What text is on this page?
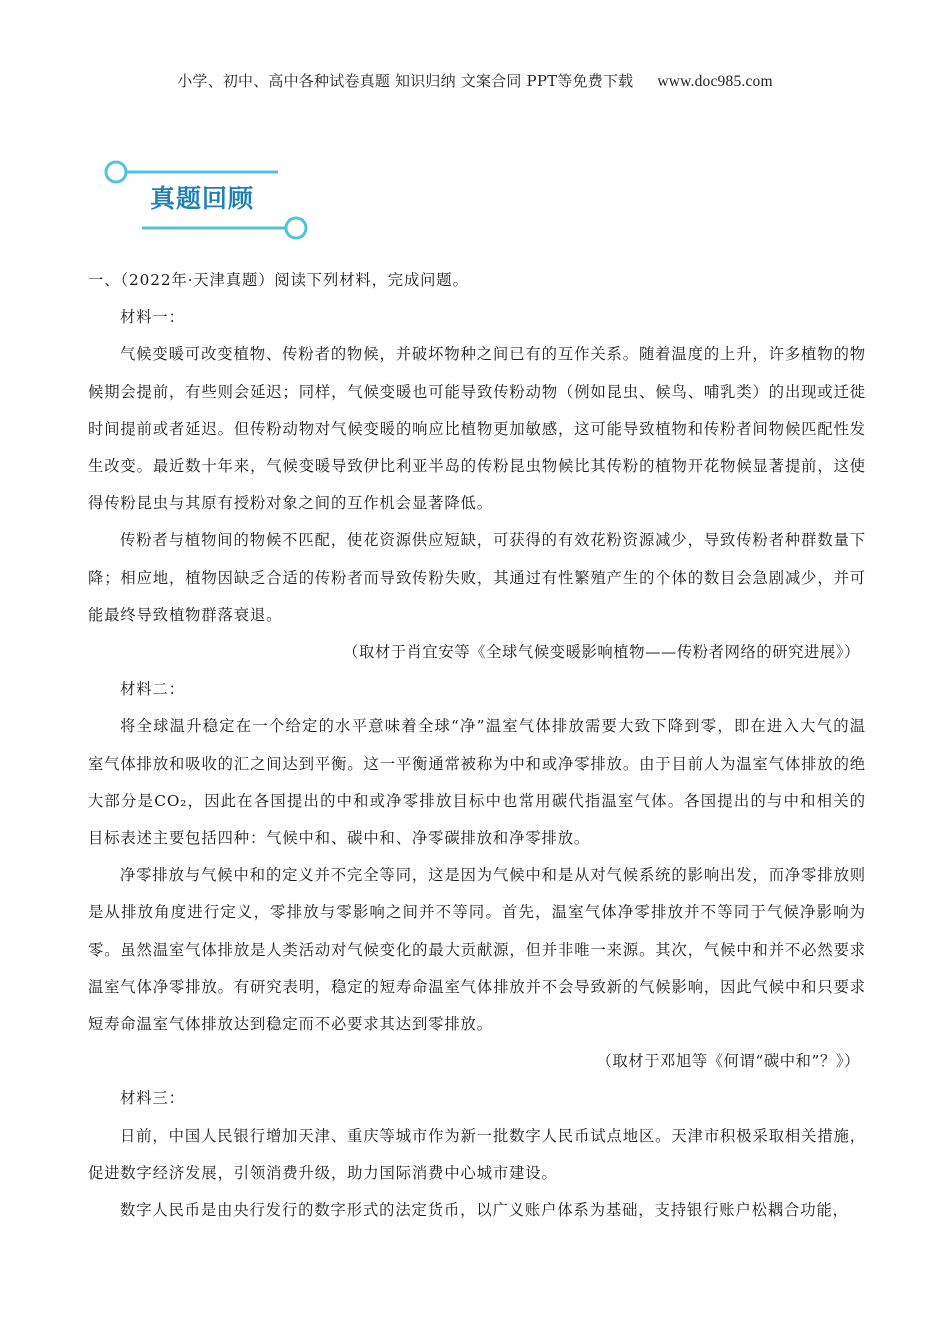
小学、初中、高中各种试卷真题 知识归纳 文案合同 PPT等免费下载 www.doc985.com
真题回顾

一、（2022年·天津真题）阅读下列材料，完成问题。

材料一：

气候变暖可改变植物、传粉者的物候，并破坏物种之间已有的互作关系。随着温度的上升，许多植物的物候期会提前，有些则会延迟；同样，气候变暖也可能导致传粉动物（例如昆虫、候鸟、哺乳类）的出现或迁徙时间提前或者延迟。但传粉动物对气候变暖的响应比植物更加敏感，这可能导致植物和传粉者间物候匹配性发生改变。最近数十年来，气候变暖导致伊比利亚半岛的传粉昆虫物候比其传粉的植物开花物候显著提前，这使得传粉昆虫与其原有授粉对象之间的互作机会显著降低。

传粉者与植物间的物候不匹配，使花资源供应短缺，可获得的有效花粉资源减少，导致传粉者种群数量下降；相应地，植物因缺乏合适的传粉者而导致传粉失败，其通过有性繁殖产生的个体的数目会急剧减少，并可能最终导致植物群落衰退。

（取材于肖宜安等《全球气候变暖影响植物——传粉者网络的研究进展》）

材料二：

将全球温升稳定在一个给定的水平意味着全球“净”温室气体排放需要大致下降到零，即在进入大气的温室气体排放和吸收的汇之间达到平衡。这一平衡通常被称为中和或净零排放。由于目前人为温室气体排放的绝大部分是CO₂，因此在各国提出的中和或净零排放目标中也常用碳代指温室气体。各国提出的与中和相关的目标表述主要包括四种：气候中和、碳中和、净零碳排放和净零排放。

净零排放与气候中和的定义并不完全等同，这是因为气候中和是从对气候系统的影响出发，而净零排放则是从排放角度进行定义，零排放与零影响之间并不等同。首先，温室气体净零排放并不等同于气候净影响为零。虽然温室气体排放是人类活动对气候变化的最大贡献源，但并非唯一来源。其次，气候中和并不必然要求温室气体净零排放。有研究表明，稳定的短寿命温室气体排放并不会导致新的气候影响，因此气候中和只要求短寿命温室气体排放达到稳定而不必要求其达到零排放。

（取材于邓旭等《何谓“碳中和”？》）

材料三：

日前，中国人民银行增加天津、重庆等城市作为新一批数字人民币试点地区。天津市积极采取相关措施，促进数字经济发展，引领消费升级，助力国际消费中心城市建设。

数字人民币是由央行发行的数字形式的法定货币，以广义账户体系为基础，支持银行账户松耦合功能，
